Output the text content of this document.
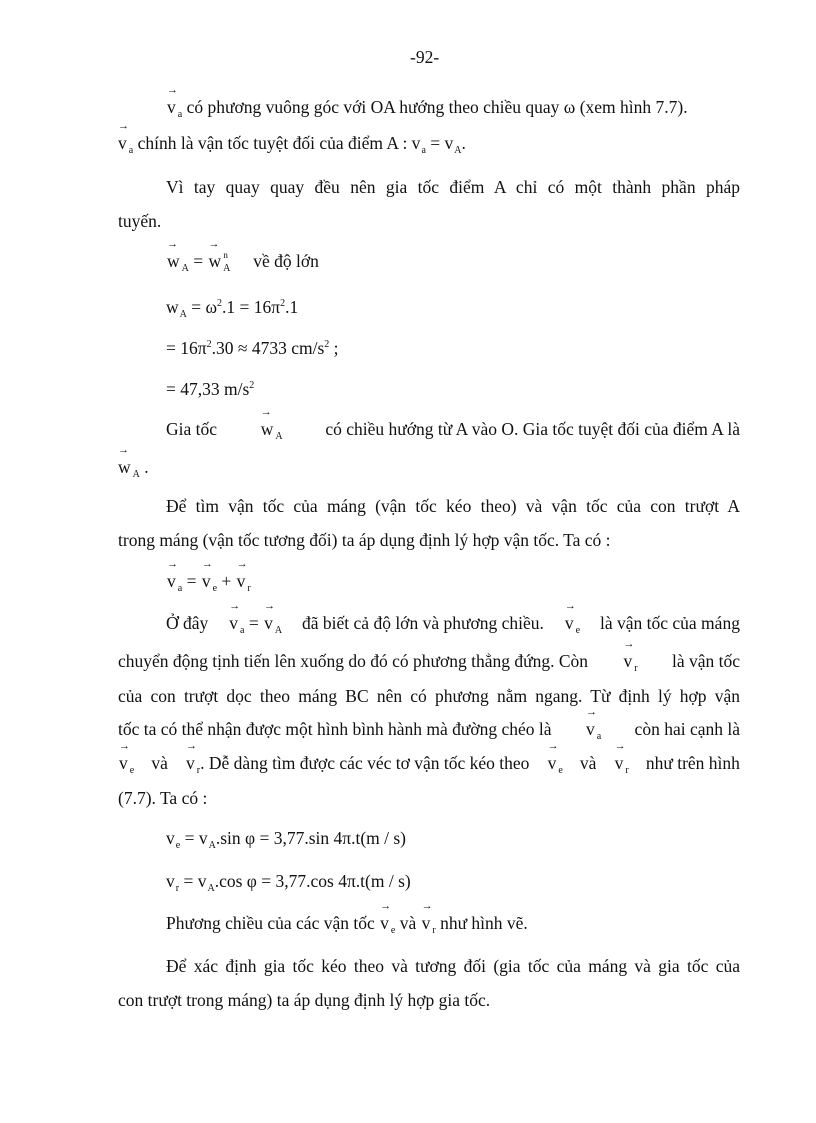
-92-
→ v $_a$ có phương vuông góc với OA hướng theo chiều quay ω (xem hình 7.7).
→ v $_a$ chính là vận tốc tuyệt đối của điểm A : $v_a = v_A$.
Vì tay quay quay đều nên gia tốc điểm A chỉ có một thành phần pháp
tuyến.
→ w $_A$ = → w $_A^n$ về độ lớn
$w_A = \omega^2.1 = 16\pi^2.1$
= $16\pi^2.30 \approx 4733$ $cm/s^2$ ;
= 47,33 $m/s^2$
Gia tốc → w $_A$ có chiều hướng từ A vào O. Gia tốc tuyệt đối của điểm A là
→ w $_A$ .
Để tìm vận tốc của máng (vận tốc kéo theo) và vận tốc của con trượt A
trong máng (vận tốc tương đối) ta áp dụng định lý hợp vận tốc. Ta có :
→ v $_a$ = → v $_e$ + → v $_r$
Ở đây → v $_a$ = → v $_A$ đã biết cả độ lớn và phương chiều. → v $_e$ là vận tốc của máng
chuyển động tịnh tiến lên xuống do đó có phương thẳng đứng. Còn → v $_r$ là vận tốc
của con trượt dọc theo máng BC nên có phương nằm ngang. Từ định lý hợp vận
tốc ta có thể nhận được một hình bình hành mà đường chéo là → v $_a$ còn hai cạnh là
→ v $_e$ và → v $_r$. Dễ dàng tìm được các véc tơ vận tốc kéo theo → v $_e$ và → v $_r$ như trên hình
(7.7). Ta có :
$v_e = v_A.\sin$ φ = 3,77.sin 4π.t(m / s)
$v_r = v_A.\cos$ φ = 3,77.cos 4π.t(m / s)
Phương chiều của các vận tốc → v $_e$ và → v $_r$ như hình vẽ.
Để xác định gia tốc kéo theo và tương đối (gia tốc của máng và gia tốc của
con trượt trong máng) ta áp dụng định lý hợp gia tốc.
